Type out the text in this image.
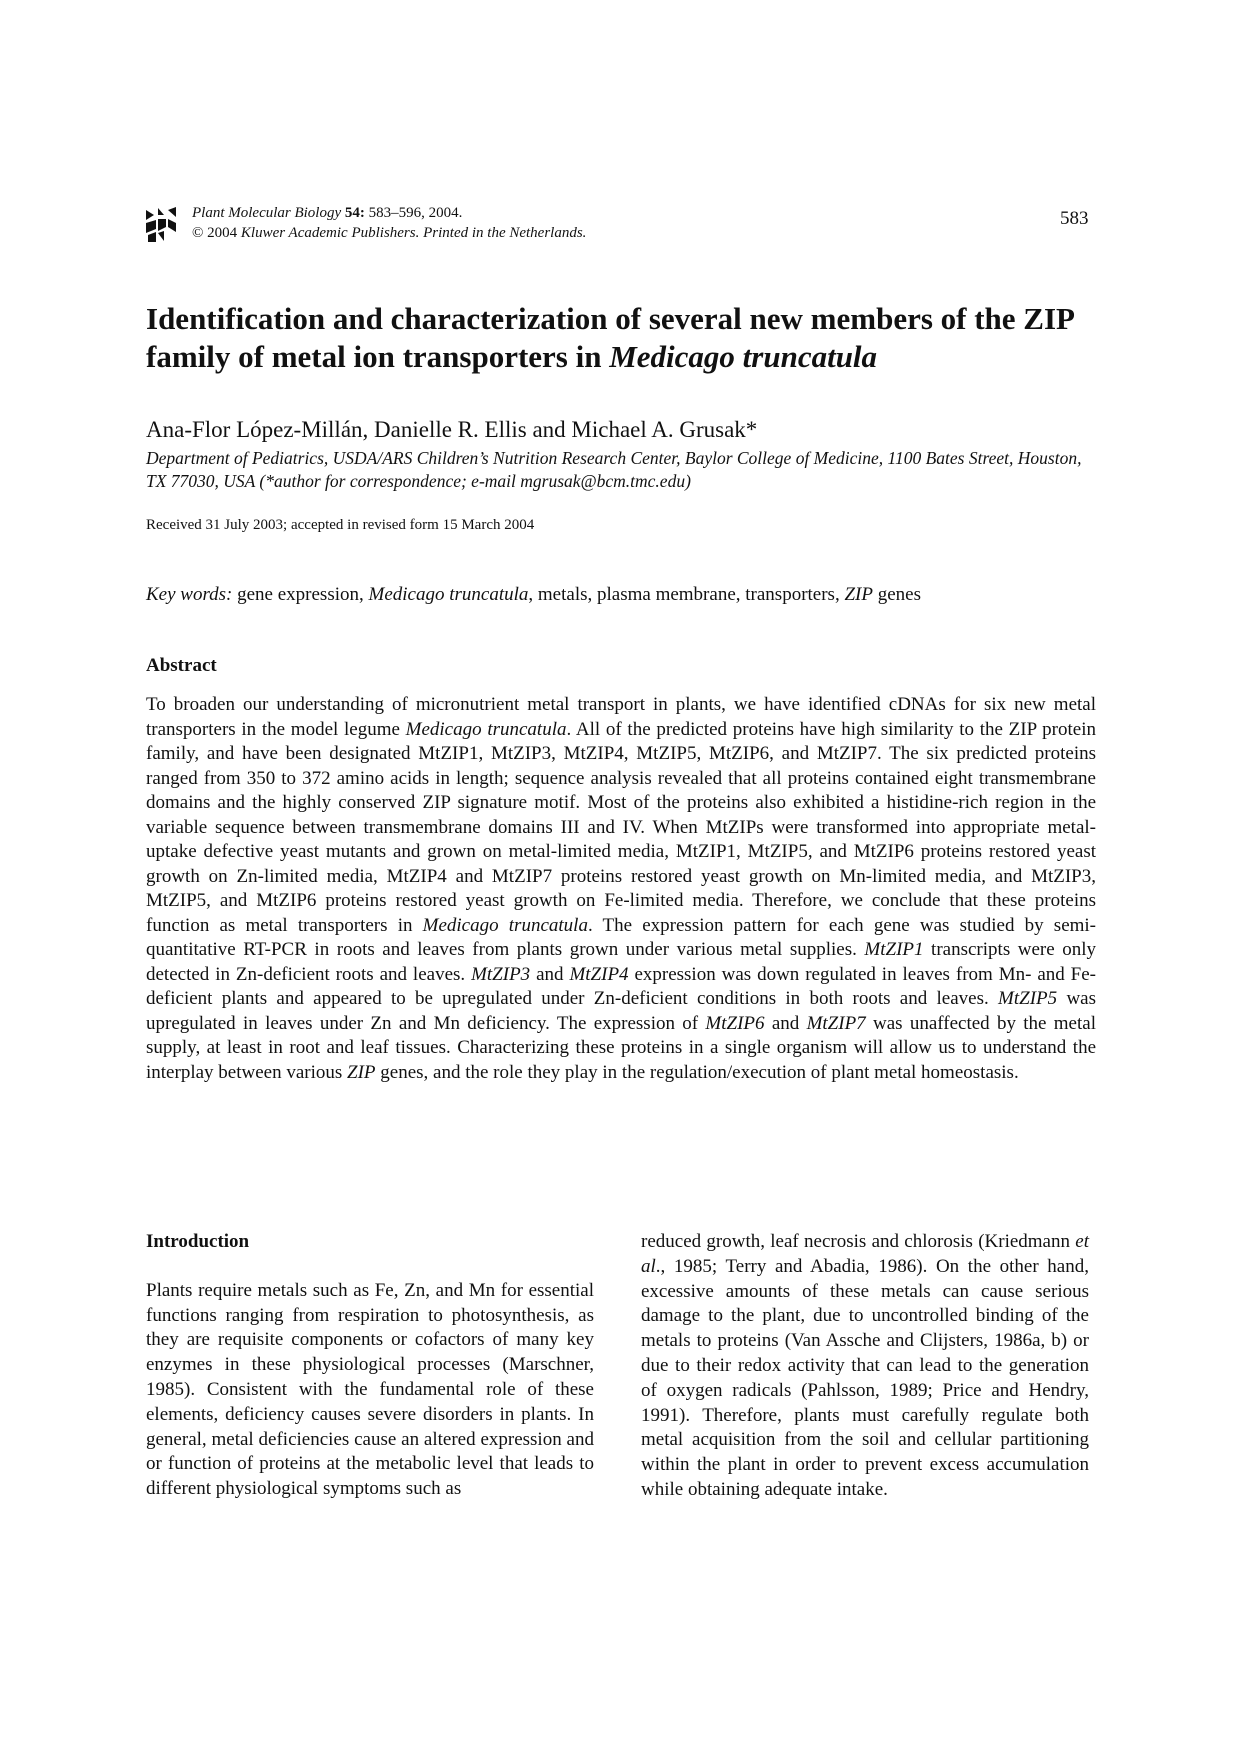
Plant Molecular Biology 54: 583–596, 2004.
© 2004 Kluwer Academic Publishers. Printed in the Netherlands.
583
Identification and characterization of several new members of the ZIP family of metal ion transporters in Medicago truncatula
Ana-Flor López-Millán, Danielle R. Ellis and Michael A. Grusak*
Department of Pediatrics, USDA/ARS Children’s Nutrition Research Center, Baylor College of Medicine, 1100 Bates Street, Houston, TX 77030, USA (*author for correspondence; e-mail mgrusak@bcm.tmc.edu)
Received 31 July 2003; accepted in revised form 15 March 2004
Key words: gene expression, Medicago truncatula, metals, plasma membrane, transporters, ZIP genes
Abstract

To broaden our understanding of micronutrient metal transport in plants, we have identified cDNAs for six new metal transporters in the model legume Medicago truncatula. All of the predicted proteins have high similarity to the ZIP protein family, and have been designated MtZIP1, MtZIP3, MtZIP4, MtZIP5, MtZIP6, and MtZIP7. The six predicted proteins ranged from 350 to 372 amino acids in length; sequence analysis revealed that all proteins contained eight transmembrane domains and the highly conserved ZIP signature motif. Most of the proteins also exhibited a histidine-rich region in the variable sequence between transmembrane domains III and IV. When MtZIPs were transformed into appropriate metal-uptake defective yeast mutants and grown on metal-limited media, MtZIP1, MtZIP5, and MtZIP6 proteins restored yeast growth on Zn-limited media, MtZIP4 and MtZIP7 proteins restored yeast growth on Mn-limited media, and MtZIP3, MtZIP5, and MtZIP6 proteins restored yeast growth on Fe-limited media. Therefore, we conclude that these proteins function as metal transporters in Medicago truncatula. The expression pattern for each gene was studied by semi-quantitative RT-PCR in roots and leaves from plants grown under various metal supplies. MtZIP1 transcripts were only detected in Zn-deficient roots and leaves. MtZIP3 and MtZIP4 expression was down regulated in leaves from Mn- and Fe-deficient plants and appeared to be upregulated under Zn-deficient conditions in both roots and leaves. MtZIP5 was upregulated in leaves under Zn and Mn deficiency. The expression of MtZIP6 and MtZIP7 was unaffected by the metal supply, at least in root and leaf tissues. Characterizing these proteins in a single organism will allow us to understand the interplay between various ZIP genes, and the role they play in the regulation/execution of plant metal homeostasis.

Introduction

Plants require metals such as Fe, Zn, and Mn for essential functions ranging from respiration to photosynthesis, as they are requisite components or cofactors of many key enzymes in these physiological processes (Marschner, 1985). Consistent with the fundamental role of these elements, deficiency causes severe disorders in plants. In general, metal deficiencies cause an altered expression and or function of proteins at the metabolic level that leads to different physiological symptoms such as

reduced growth, leaf necrosis and chlorosis (Kriedmann et al., 1985; Terry and Abadia, 1986). On the other hand, excessive amounts of these metals can cause serious damage to the plant, due to uncontrolled binding of the metals to proteins (Van Assche and Clijsters, 1986a, b) or due to their redox activity that can lead to the generation of oxygen radicals (Pahlsson, 1989; Price and Hendry, 1991). Therefore, plants must carefully regulate both metal acquisition from the soil and cellular partitioning within the plant in order to prevent excess accumulation while obtaining adequate intake.
